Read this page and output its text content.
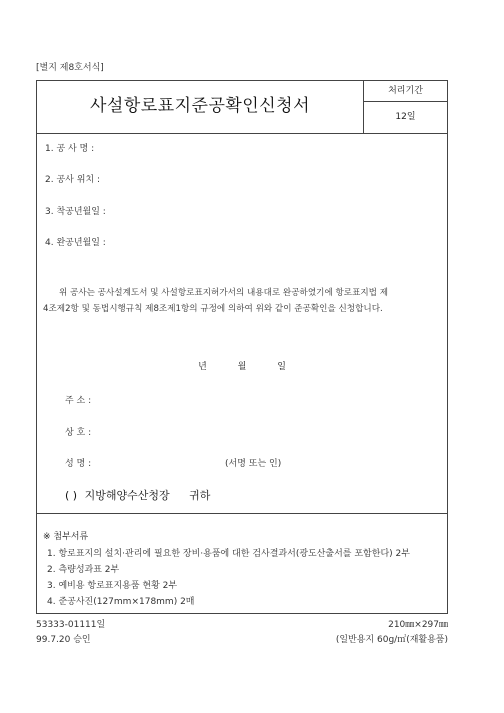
[별지 제8호서식]
사설항로표지준공확인신청서
처리기간
12일
1. 공 사 명 :
2. 공사 위치 :
3. 착공년월일 :
4. 완공년월일 :

위 공사는 공사설계도서 및 사설항로표지허가서의 내용대로 완공하였기에 항로표지법 제

4조제2항 및 동법시행규칙 제8조제1항의 규정에 의하여 위와 같이 준공확인을 신청합니다.

년	월	일
주 소 :
상 호 :
성 명 :	(서명 또는 인)
( ) 지방해양수산청장 귀하
※ 첨부서류
1. 항로표지의 설치·관리에 필요한 장비·용품에 대한 검사결과서(광도산출서를 포함한다) 2부
2. 측량성과표 2부
3. 예비용 항로표지용품 현황 2부
4. 준공사진(127mm×178mm) 2매
53333-01111일
99.7.20 승인
210㎜×297㎜
(일반용지 60g/㎡(재활용품)
